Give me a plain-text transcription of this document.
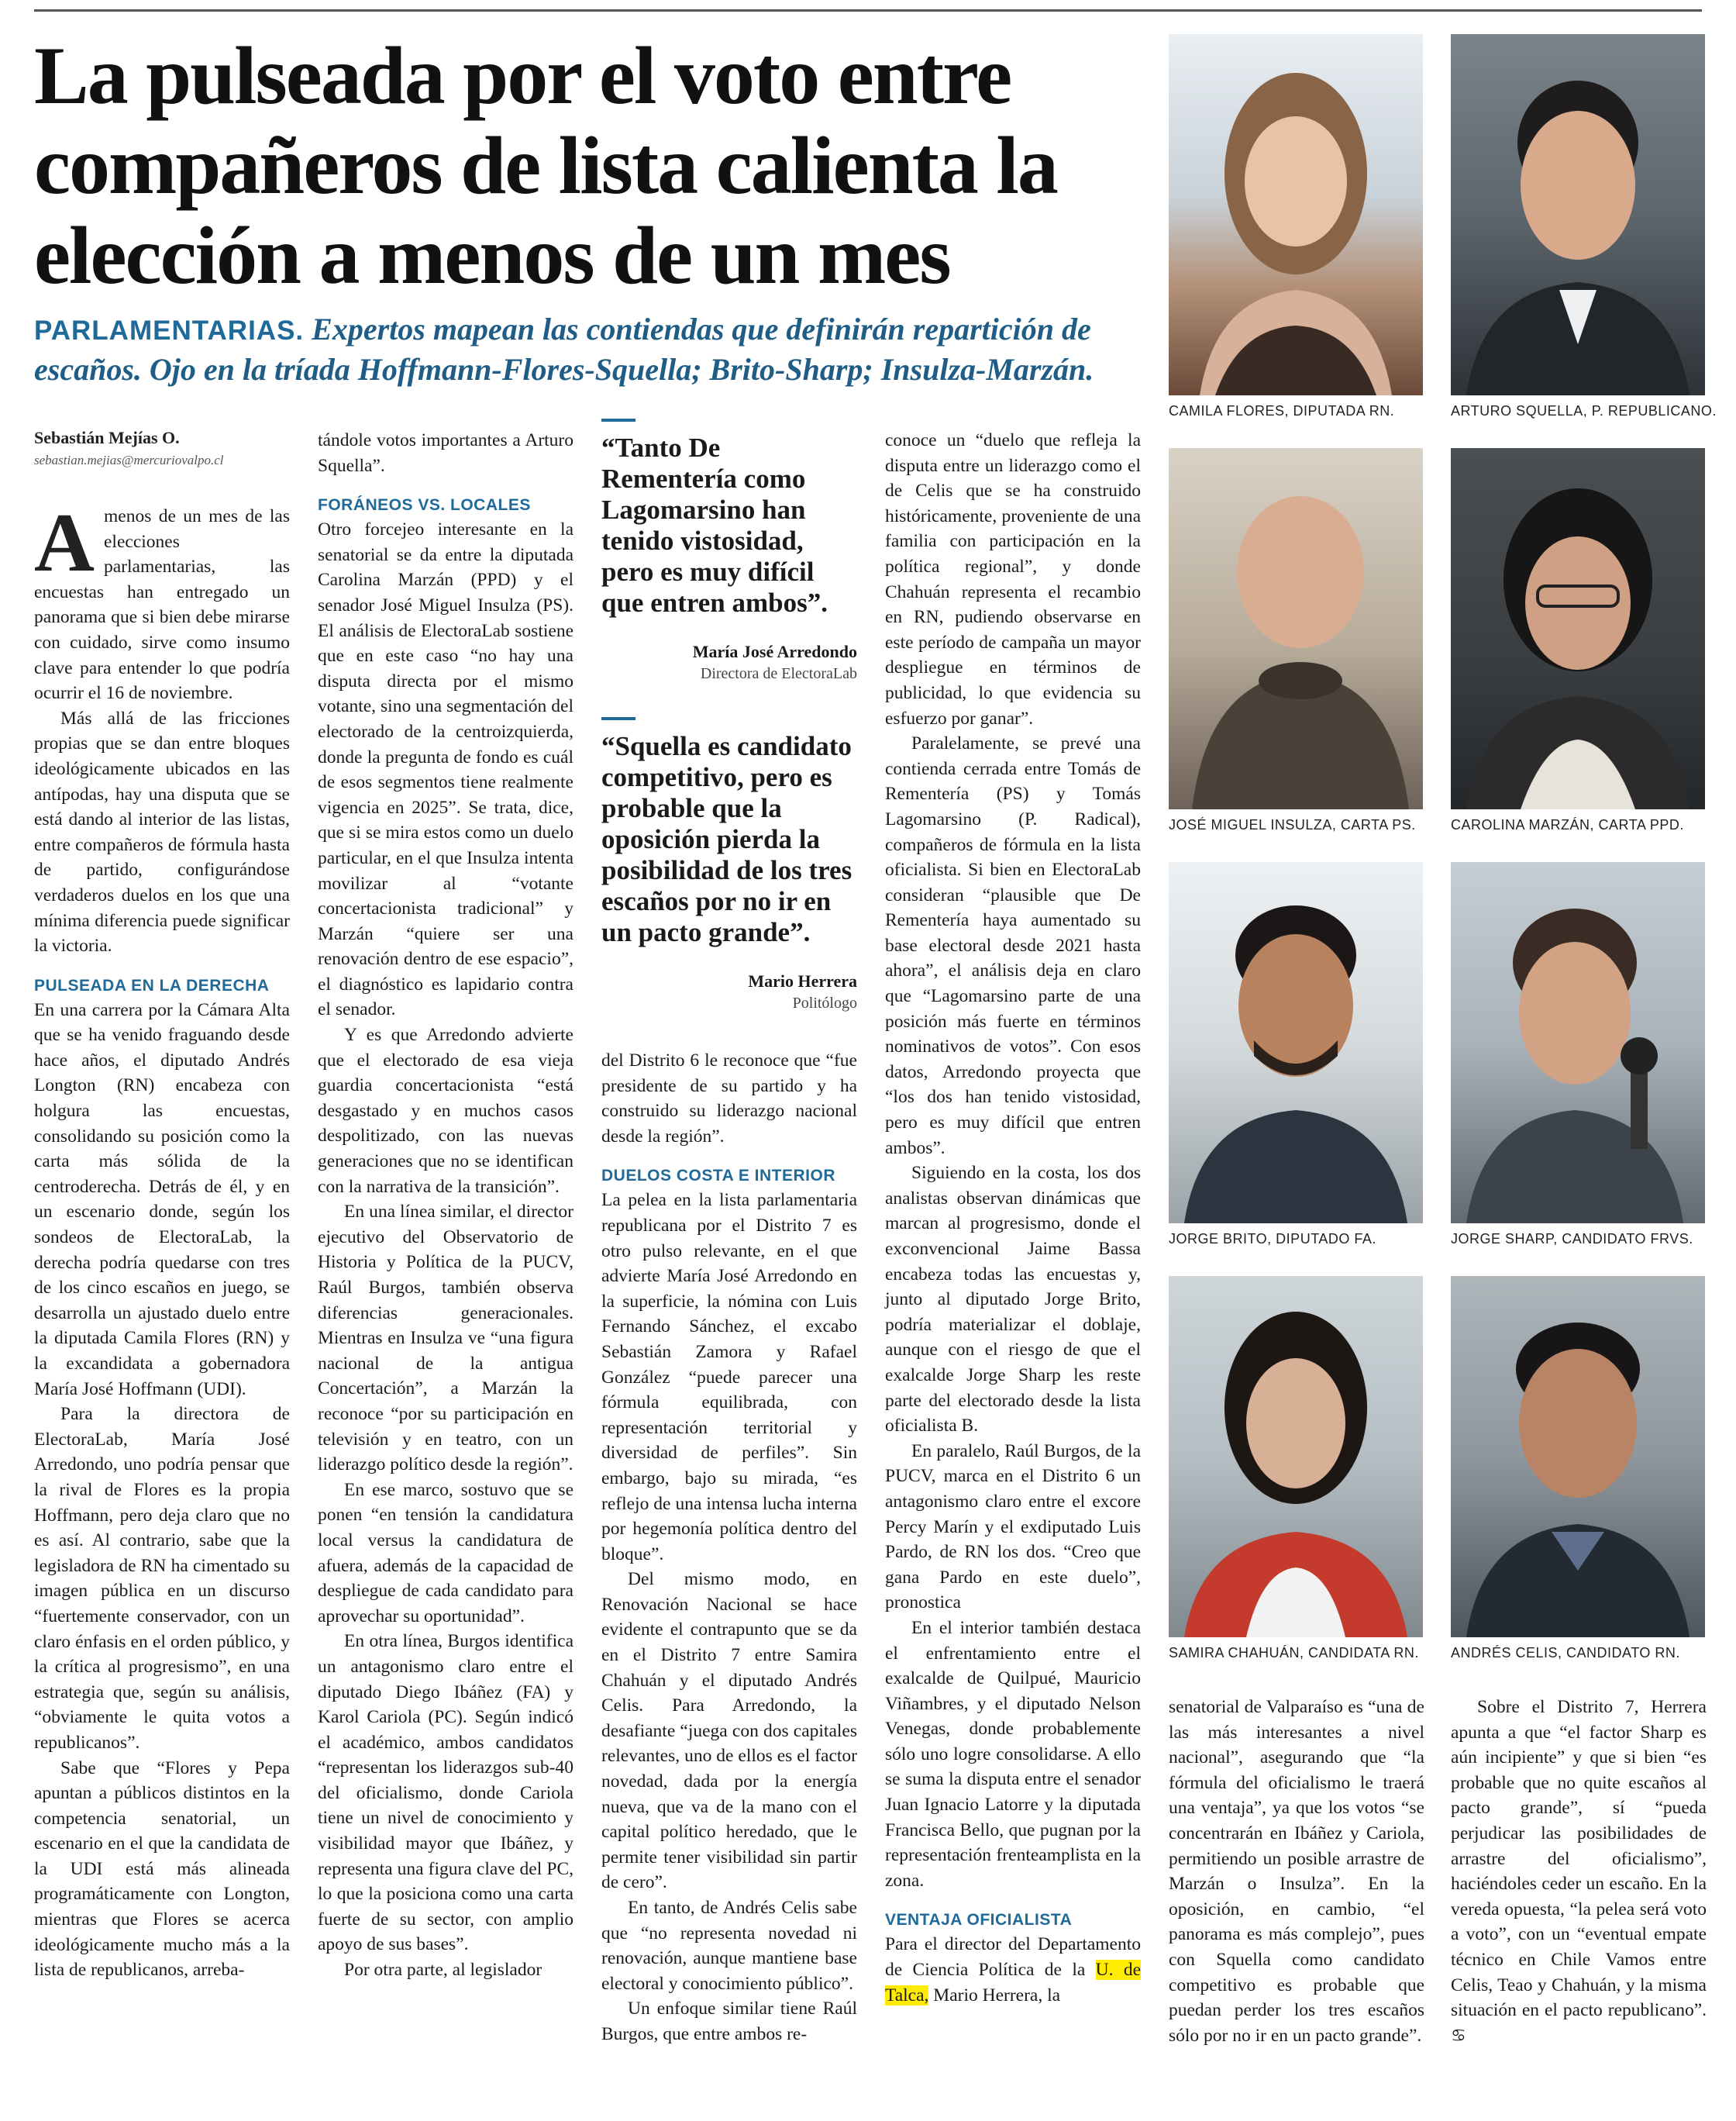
La pulseada por el voto entre compañeros de lista calienta la elección a menos de un mes

PARLAMENTARIAS. Expertos mapean las contiendas que definirán repartición de escaños. Ojo en la tríada Hoffmann-Flores-Squella; Brito-Sharp; Insulza-Marzán.

Sebastián Mejías O.
sebastian.mejias@mercuriovalpo.cl

Amenos de un mes de las elecciones parlamentarias, las encuestas han entregado un panorama que si bien debe mirarse con cuidado, sirve como insumo clave para entender lo que podría ocurrir el 16 de noviembre.

Más allá de las fricciones propias que se dan entre bloques ideológicamente ubicados en las antípodas, hay una disputa que se está dando al interior de las listas, entre compañeros de fórmula hasta de partido, configurándose verdaderos duelos en los que una mínima diferencia puede significar la victoria.

PULSEADA EN LA DERECHA

En una carrera por la Cámara Alta que se ha venido fraguando desde hace años, el diputado Andrés Longton (RN) encabeza con holgura las encuestas, consolidando su posición como la carta más sólida de la centroderecha. Detrás de él, y en un escenario donde, según los sondeos de ElectoraLab, la derecha podría quedarse con tres de los cinco escaños en juego, se desarrolla un ajustado duelo entre la diputada Camila Flores (RN) y la excandidata a gobernadora María José Hoffmann (UDI).

Para la directora de ElectoraLab, María José Arredondo, uno podría pensar que la rival de Flores es la propia Hoffmann, pero deja claro que no es así. Al contrario, sabe que la legisladora de RN ha cimentado su imagen pública en un discurso “fuertemente conservador, con un claro énfasis en el orden público, y la crítica al progresismo”, en una estrategia que, según su análisis, “obviamente le quita votos a republicanos”.

Sabe que “Flores y Pepa apuntan a públicos distintos en la competencia senatorial, un escenario en el que la candidata de la UDI está más alineada programáticamente con Longton, mientras que Flores se acerca ideológicamente mucho más a la lista de republicanos, arreba-

tándole votos importantes a Arturo Squella”.

FORÁNEOS VS. LOCALES

Otro forcejeo interesante en la senatorial se da entre la diputada Carolina Marzán (PPD) y el senador José Miguel Insulza (PS). El análisis de ElectoraLab sostiene que en este caso “no hay una disputa directa por el mismo votante, sino una segmentación del electorado de la centroizquierda, donde la pregunta de fondo es cuál de esos segmentos tiene realmente vigencia en 2025”. Se trata, dice, que si se mira estos como un duelo particular, en el que Insulza intenta movilizar al “votante concertacionista tradicional” y Marzán “quiere ser una renovación dentro de ese espacio”, el diagnóstico es lapidario contra el senador.

Y es que Arredondo advierte que el electorado de esa vieja guardia concertacionista “está desgastado y en muchos casos despolitizado, con las nuevas generaciones que no se identifican con la narrativa de la transición”.

En una línea similar, el director ejecutivo del Observatorio de Historia y Política de la PUCV, Raúl Burgos, también observa diferencias generacionales. Mientras en Insulza ve “una figura nacional de la antigua Concertación”, a Marzán la reconoce “por su participación en televisión y en teatro, con un liderazgo político desde la región”.

En ese marco, sostuvo que se ponen “en tensión la candidatura local versus la candidatura de afuera, además de la capacidad de despliegue de cada candidato para aprovechar su oportunidad”.

En otra línea, Burgos identifica un antagonismo claro entre el diputado Diego Ibáñez (FA) y Karol Cariola (PC). Según indicó el académico, ambos candidatos “representan los liderazgos sub-40 del oficialismo, donde Cariola tiene un nivel de conocimiento y visibilidad mayor que Ibáñez, y representa una figura clave del PC, lo que la posiciona como una carta fuerte de su sector, con amplio apoyo de sus bases”.

Por otra parte, al legislador

“Tanto De Rementería como Lagomarsino han tenido vistosidad, pero es muy difícil que entren ambos”.

María José Arredondo
Directora de ElectoraLab

“Squella es candidato competitivo, pero es probable que la oposición pierda la posibilidad de los tres escaños por no ir en un pacto grande”.

Mario Herrera
Politólogo

del Distrito 6 le reconoce que “fue presidente de su partido y ha construido su liderazgo nacional desde la región”.

DUELOS COSTA E INTERIOR

La pelea en la lista parlamentaria republicana por el Distrito 7 es otro pulso relevante, en el que advierte María José Arredondo en la superficie, la nómina con Luis Fernando Sánchez, el excabo Sebastián Zamora y Rafael González “puede parecer una fórmula equilibrada, con representación territorial y diversidad de perfiles”. Sin embargo, bajo su mirada, “es reflejo de una intensa lucha interna por hegemonía política dentro del bloque”.

Del mismo modo, en Renovación Nacional se hace evidente el contrapunto que se da en el Distrito 7 entre Samira Chahuán y el diputado Andrés Celis. Para Arredondo, la desafiante “juega con dos capitales relevantes, uno de ellos es el factor novedad, dada por la energía nueva, que va de la mano con el capital político heredado, que le permite tener visibilidad sin partir de cero”.

En tanto, de Andrés Celis sabe que “no representa novedad ni renovación, aunque mantiene base electoral y conocimiento público”.

Un enfoque similar tiene Raúl Burgos, que entre ambos re-

conoce un “duelo que refleja la disputa entre un liderazgo como el de Celis que se ha construido históricamente, proveniente de una familia con participación en la política regional”, y donde Chahuán representa el recambio en RN, pudiendo observarse en este período de campaña un mayor despliegue en términos de publicidad, lo que evidencia su esfuerzo por ganar”.

Paralelamente, se prevé una contienda cerrada entre Tomás de Rementería (PS) y Tomás Lagomarsino (P. Radical), compañeros de fórmula en la lista oficialista. Si bien en ElectoraLab consideran “plausible que De Rementería haya aumentado su base electoral desde 2021 hasta ahora”, el análisis deja en claro que “Lagomarsino parte de una posición más fuerte en términos nominativos de votos”. Con esos datos, Arredondo proyecta que “los dos han tenido vistosidad, pero es muy difícil que entren ambos”.

Siguiendo en la costa, los dos analistas observan dinámicas que marcan al progresismo, donde el exconvencional Jaime Bassa encabeza todas las encuestas y, junto al diputado Jorge Brito, podría materializar el doblaje, aunque con el riesgo de que el exalcalde Jorge Sharp les reste parte del electorado desde la lista oficialista B.

En paralelo, Raúl Burgos, de la PUCV, marca en el Distrito 6 un antagonismo claro entre el excore Percy Marín y el exdiputado Luis Pardo, de RN los dos. “Creo que gana Pardo en este duelo”, pronostica

En el interior también destaca el enfrentamiento entre el exalcalde de Quilpué, Mauricio Viñambres, y el diputado Nelson Venegas, donde probablemente sólo uno logre consolidarse. A ello se suma la disputa entre el senador Juan Ignacio Latorre y la diputada Francisca Bello, que pugnan por la representación frenteamplista en la zona.

VENTAJA OFICIALISTA

Para el director del Departamento de Ciencia Política de la U. de Talca, Mario Herrera, la

CAMILA FLORES, DIPUTADA RN.	ARTURO SQUELLA, P. REPUBLICANO.
JOSÉ MIGUEL INSULZA, CARTA PS.	CAROLINA MARZÁN, CARTA PPD.
JORGE BRITO, DIPUTADO FA.	JORGE SHARP, CANDIDATO FRVS.
SAMIRA CHAHUÁN, CANDIDATA RN. ANDRÉS CELIS, CANDIDATO RN.

senatorial de Valparaíso es “una de las más interesantes a nivel nacional”, asegurando que “la fórmula del oficialismo le traerá una ventaja”, ya que los votos “se concentrarán en Ibáñez y Cariola, permitiendo un posible arrastre de Marzán o Insulza”. En la oposición, en cambio, “el panorama es más complejo”, pues con Squella como candidato competitivo es probable que puedan perder los tres escaños sólo por no ir en un pacto grande”.

Sobre el Distrito 7, Herrera apunta a que “el factor Sharp es aún incipiente” y que si bien “es probable que no quite escaños al pacto grande”, sí “pueda perjudicar las posibilidades de arrastre del oficialismo”, haciéndoles ceder un escaño. En la vereda opuesta, “la pelea será voto a voto”, con un “eventual empate técnico en Chile Vamos entre Celis, Teao y Chahuán, y la misma situación en el pacto republicano”. ♋
